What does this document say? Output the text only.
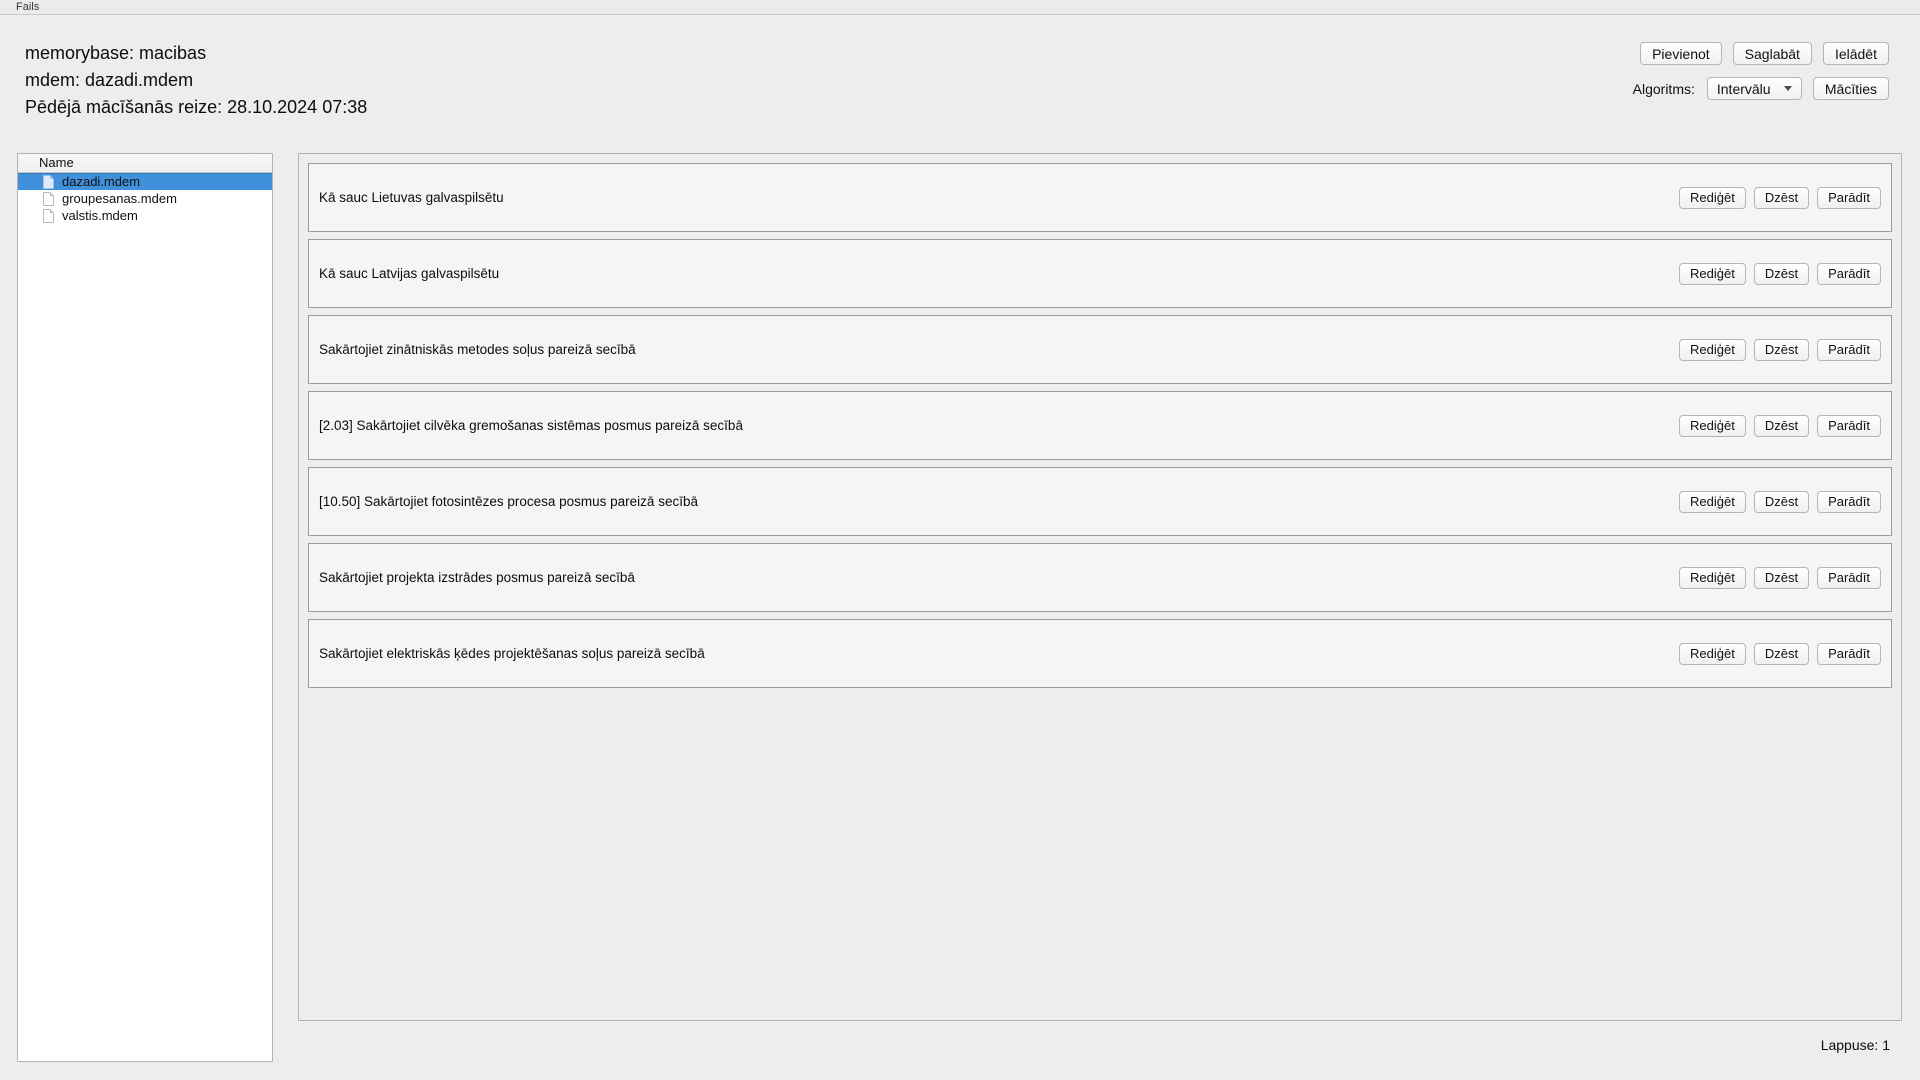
Fails
memorybase: macibas
mdem: dazadi.mdem
Pēdējā mācīšanās reize: 28.10.2024 07:38
Pievienot	Saglabāt	Ielādēt
Algoritms: Intervālu	Mācīties
Name
dazadi.mdem
groupesanas.mdem
valstis.mdem
Kā sauc Lietuvas galvaspilsētu	Rediģēt	Dzēst	Parādīt
Kā sauc Latvijas galvaspilsētu	Rediģēt	Dzēst	Parādīt
Sakārtojiet zinātniskās metodes soļus pareizā secībā	Rediģēt	Dzēst	Parādīt
[2.03] Sakārtojiet cilvēka gremošanas sistēmas posmus pareizā secībā	Rediģēt	Dzēst	Parādīt
[10.50] Sakārtojiet fotosintēzes procesa posmus pareizā secībā	Rediģēt	Dzēst	Parādīt
Sakārtojiet projekta izstrādes posmus pareizā secībā	Rediģēt	Dzēst	Parādīt
Sakārtojiet elektriskās ķēdes projektēšanas soļus pareizā secībā	Rediģēt	Dzēst	Parādīt
Lappuse: 1
